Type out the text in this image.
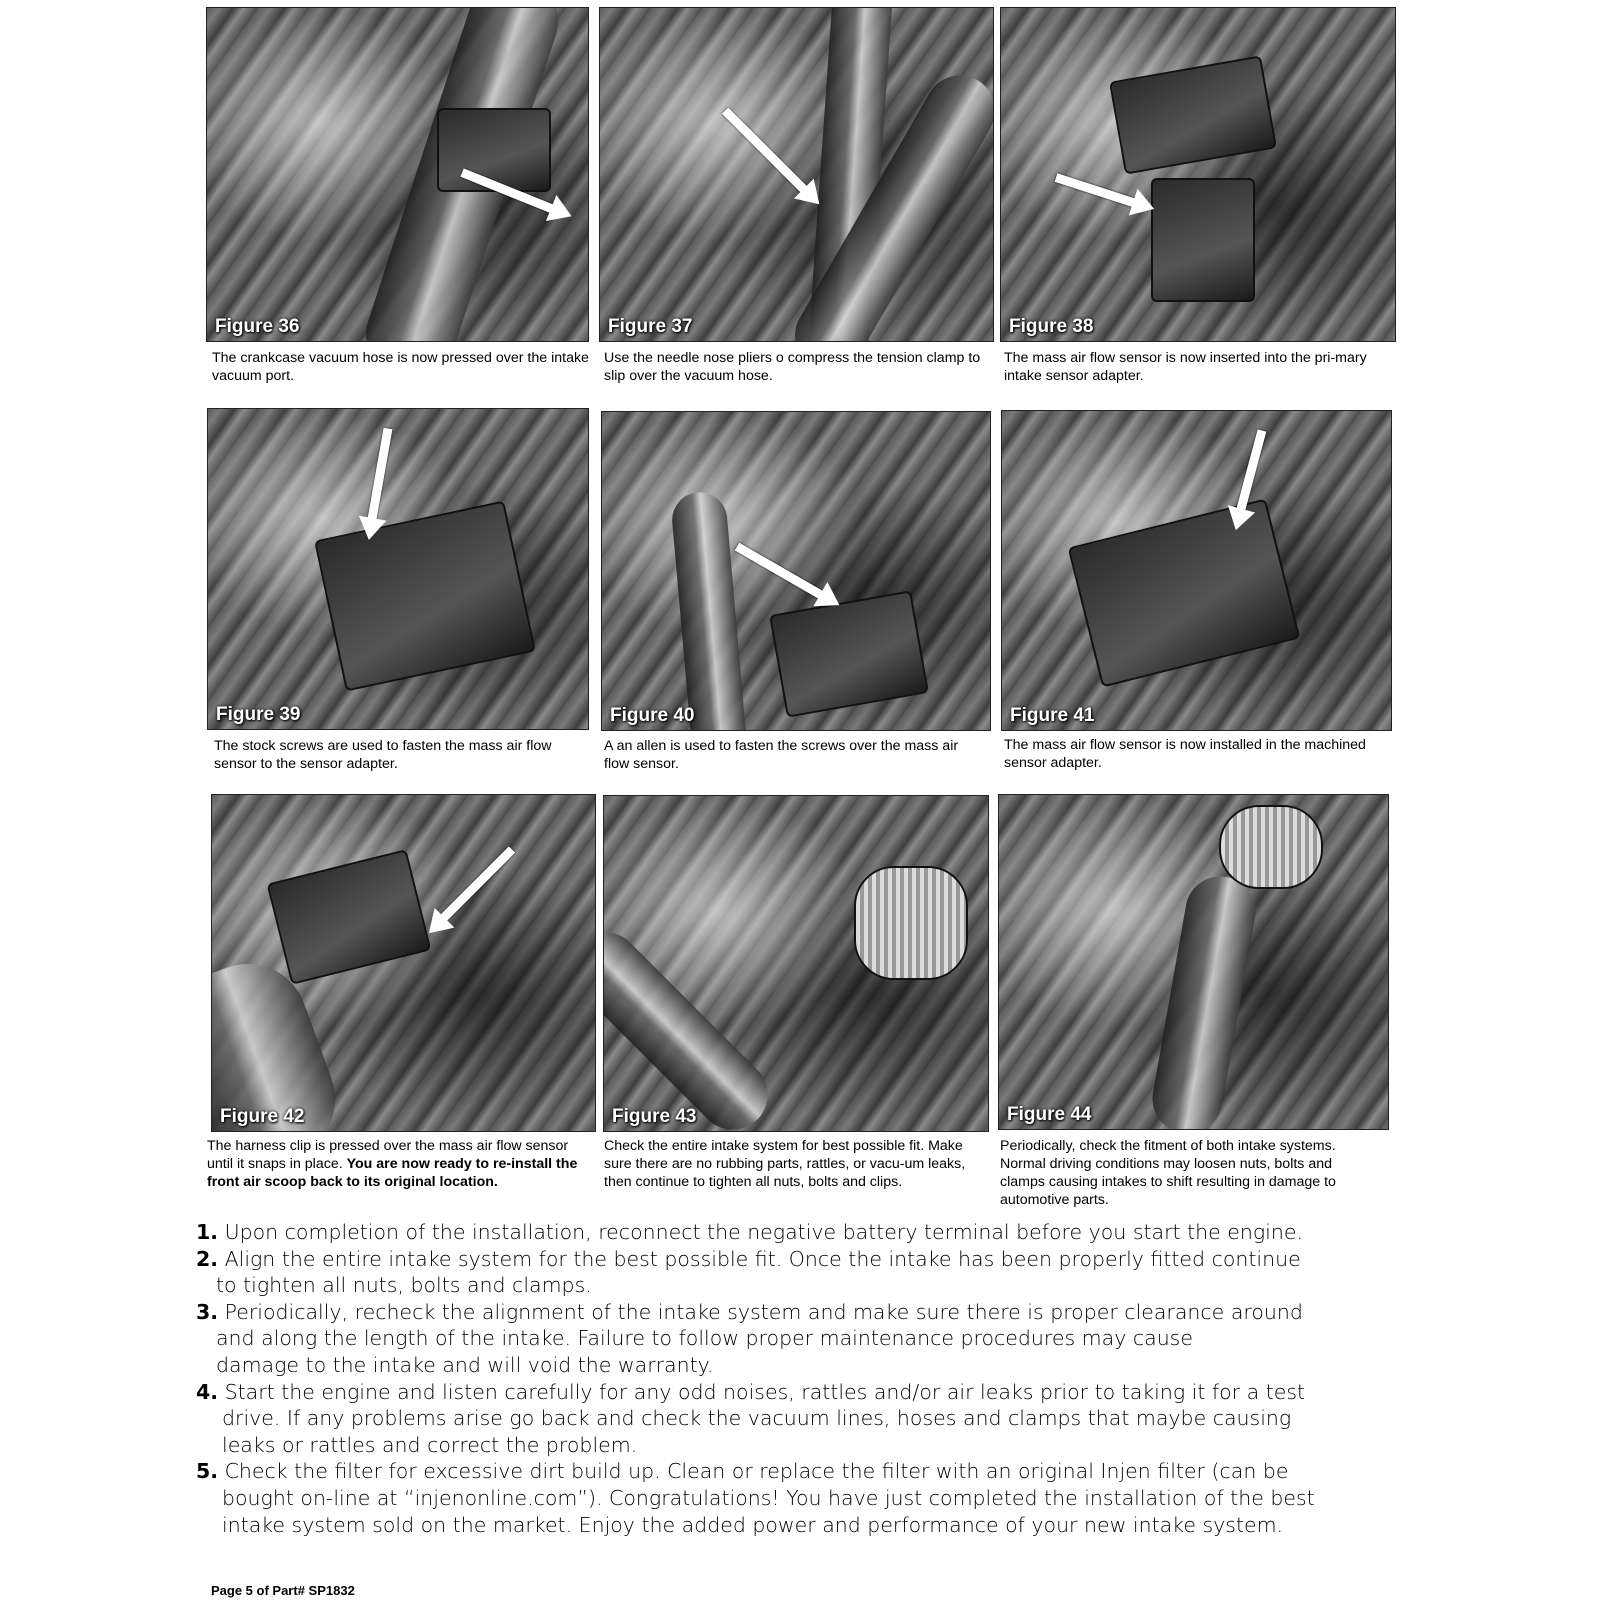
Figure 36
The crankcase vacuum hose is now pressed over the intake vacuum port.
Figure 37
Use the needle nose pliers o compress the tension clamp to slip over the vacuum hose.
Figure 38
The mass air flow sensor is now inserted into the pri-mary intake sensor adapter.
Figure 39
The stock screws are used to fasten the mass air flow sensor to the sensor adapter.
Figure 40
A an allen is used to fasten the screws over the mass air flow sensor.
Figure 41
The mass air flow sensor is now installed in the machined sensor adapter.
Figure 42
The harness clip is pressed over the mass air flow sensor until it snaps in place. You are now ready to re-install the front air scoop back to its original location.
Figure 43
Check the entire intake system for best possible fit. Make sure there are no rubbing parts, rattles, or vacu-um leaks, then continue to tighten all nuts, bolts and clips.
Figure 44
Periodically, check the fitment of both intake systems. Normal driving conditions may loosen nuts, bolts and clamps causing intakes to shift resulting in damage to automotive parts.
1. Upon completion of the installation, reconnect the negative battery terminal before you start the engine.
2. Align the entire intake system for the best possible fit. Once the intake has been properly fitted continue
to tighten all nuts, bolts and clamps.
3. Periodically, recheck the alignment of the intake system and make sure there is proper clearance around
and along the length of the intake. Failure to follow proper maintenance procedures may cause
damage to the intake and will void the warranty.
4. Start the engine and listen carefully for any odd noises, rattles and/or air leaks prior to taking it for a test
drive. If any problems arise go back and check the vacuum lines, hoses and clamps that maybe causing
leaks or rattles and correct the problem.
5. Check the filter for excessive dirt build up. Clean or replace the filter with an original Injen filter (can be
bought on-line at “injenonline.com”). Congratulations! You have just completed the installation of the best
intake system sold on the market. Enjoy the added power and performance of your new intake system.
Page 5 of Part# SP1832
